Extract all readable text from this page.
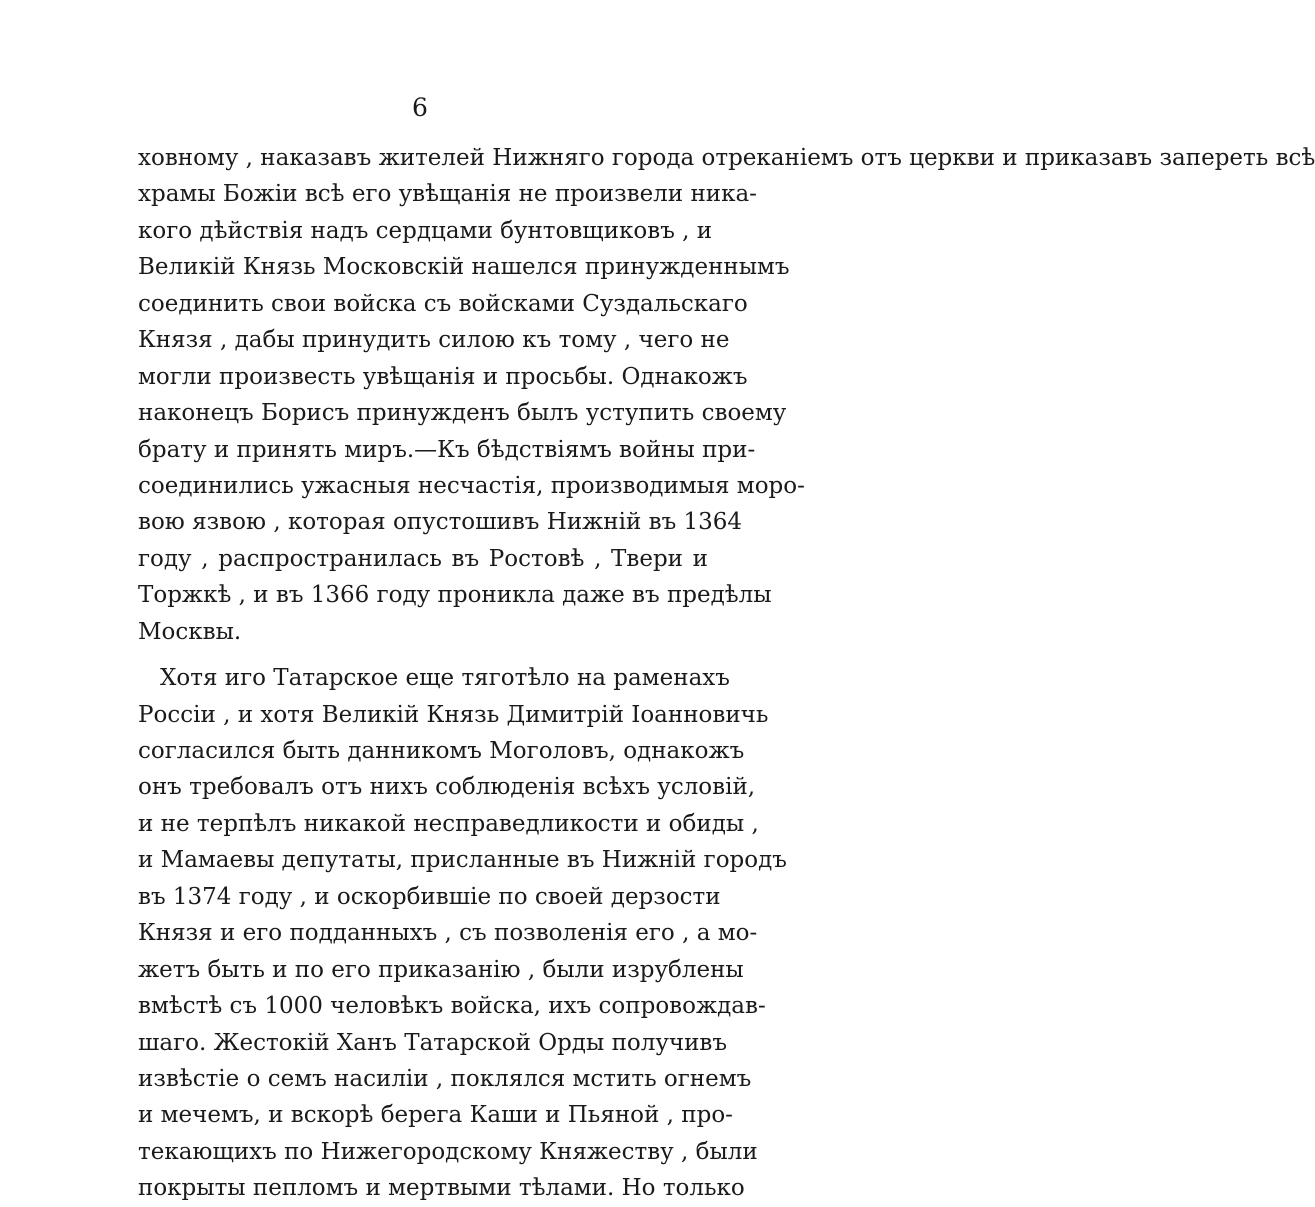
6
ховному , наказавъ жителей Нижняго города отреканіемъ отъ церкви и приказавъ запереть всѣ
храмы Божіи всѣ его увѣщанія не произвели ника-
кого дѣйствія надъ сердцами бунтовщиковъ , и
Великій Князь Московскій нашелся принужденнымъ
соединить свои войска съ войсками Суздальскаго
Князя , дабы принудить силою къ тому , чего не
могли произвесть увѣщанія и просьбы. Однакожъ
наконецъ Борисъ принужденъ былъ уступить своему
брату и принять миръ.—Къ бѣдствіямъ войны при-
соединились ужасныя несчастія, производимыя моро-
вою язвою , которая опустошивъ Нижній въ 1364
году , распространилась въ Ростовѣ , Твери и
Торжкѣ , и въ 1366 году проникла даже въ предѣлы
Москвы.
Хотя иго Татарское еще тяготѣло на раменахъ
Россіи , и хотя Великій Князь Димитрій Іоанновичь
согласился быть данникомъ Моголовъ, однакожъ
онъ требовалъ отъ нихъ соблюденія всѣхъ условій,
и не терпѣлъ никакой несправедликости и обиды ,
и Мамаевы депутаты, присланные въ Нижній городъ
въ 1374 году , и оскорбившіе по своей дерзости
Князя и его подданныхъ , съ позволенія его , а мо-
жетъ быть и по его приказанію , были изрублены
вмѣстѣ съ 1000 человѣкъ войска, ихъ сопровождав-
шаго. Жестокій Ханъ Татарской Орды получивъ
извѣстіе о семъ насиліи , поклялся мстить огнемъ
и мечемъ, и вскорѣ берега Каши и Пьяной , про-
текающихъ по Нижегородскому Княжеству , были
покрыты пепломъ и мертвыми тѣлами. Но только
